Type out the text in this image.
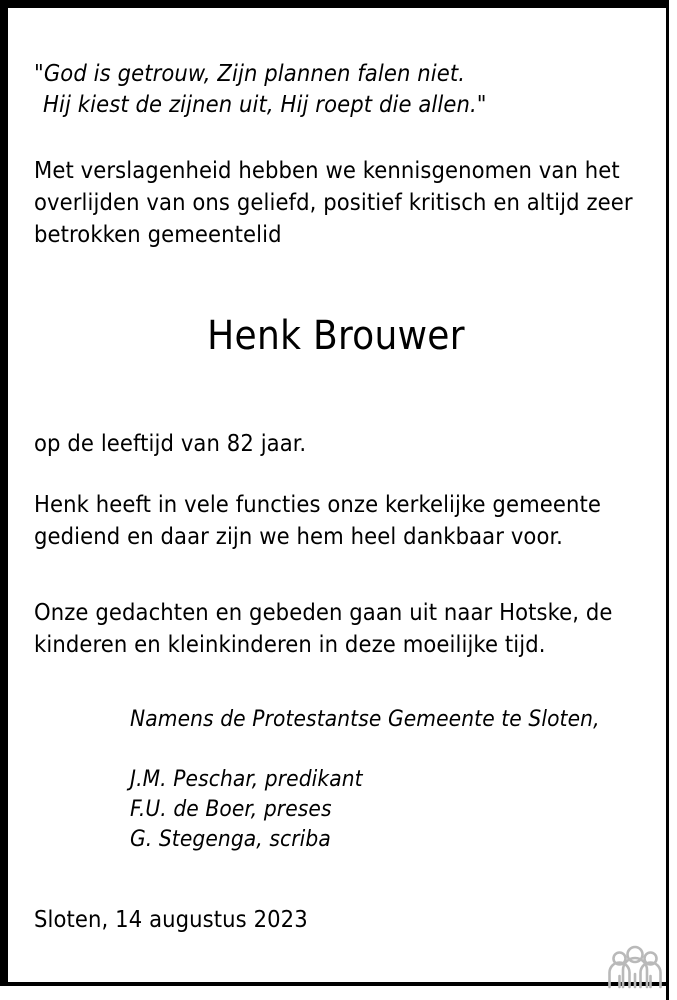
"God is getrouw, Zijn plannen falen niet.
Hij kiest de zijnen uit, Hij roept die allen."
Met verslagenheid hebben we kennisgenomen van het overlijden van ons geliefd, positief kritisch en altijd zeer betrokken gemeentelid
Henk Brouwer
op de leeftijd van 82 jaar.
Henk heeft in vele functies onze kerkelijke gemeente gediend en daar zijn we hem heel dankbaar voor.
Onze gedachten en gebeden gaan uit naar Hotske, de kinderen en kleinkinderen in deze moeilijke tijd.
Namens de Protestantse Gemeente te Sloten,
J.M. Peschar, predikant
F.U. de Boer, preses
G. Stegenga, scriba
Sloten, 14 augustus 2023
